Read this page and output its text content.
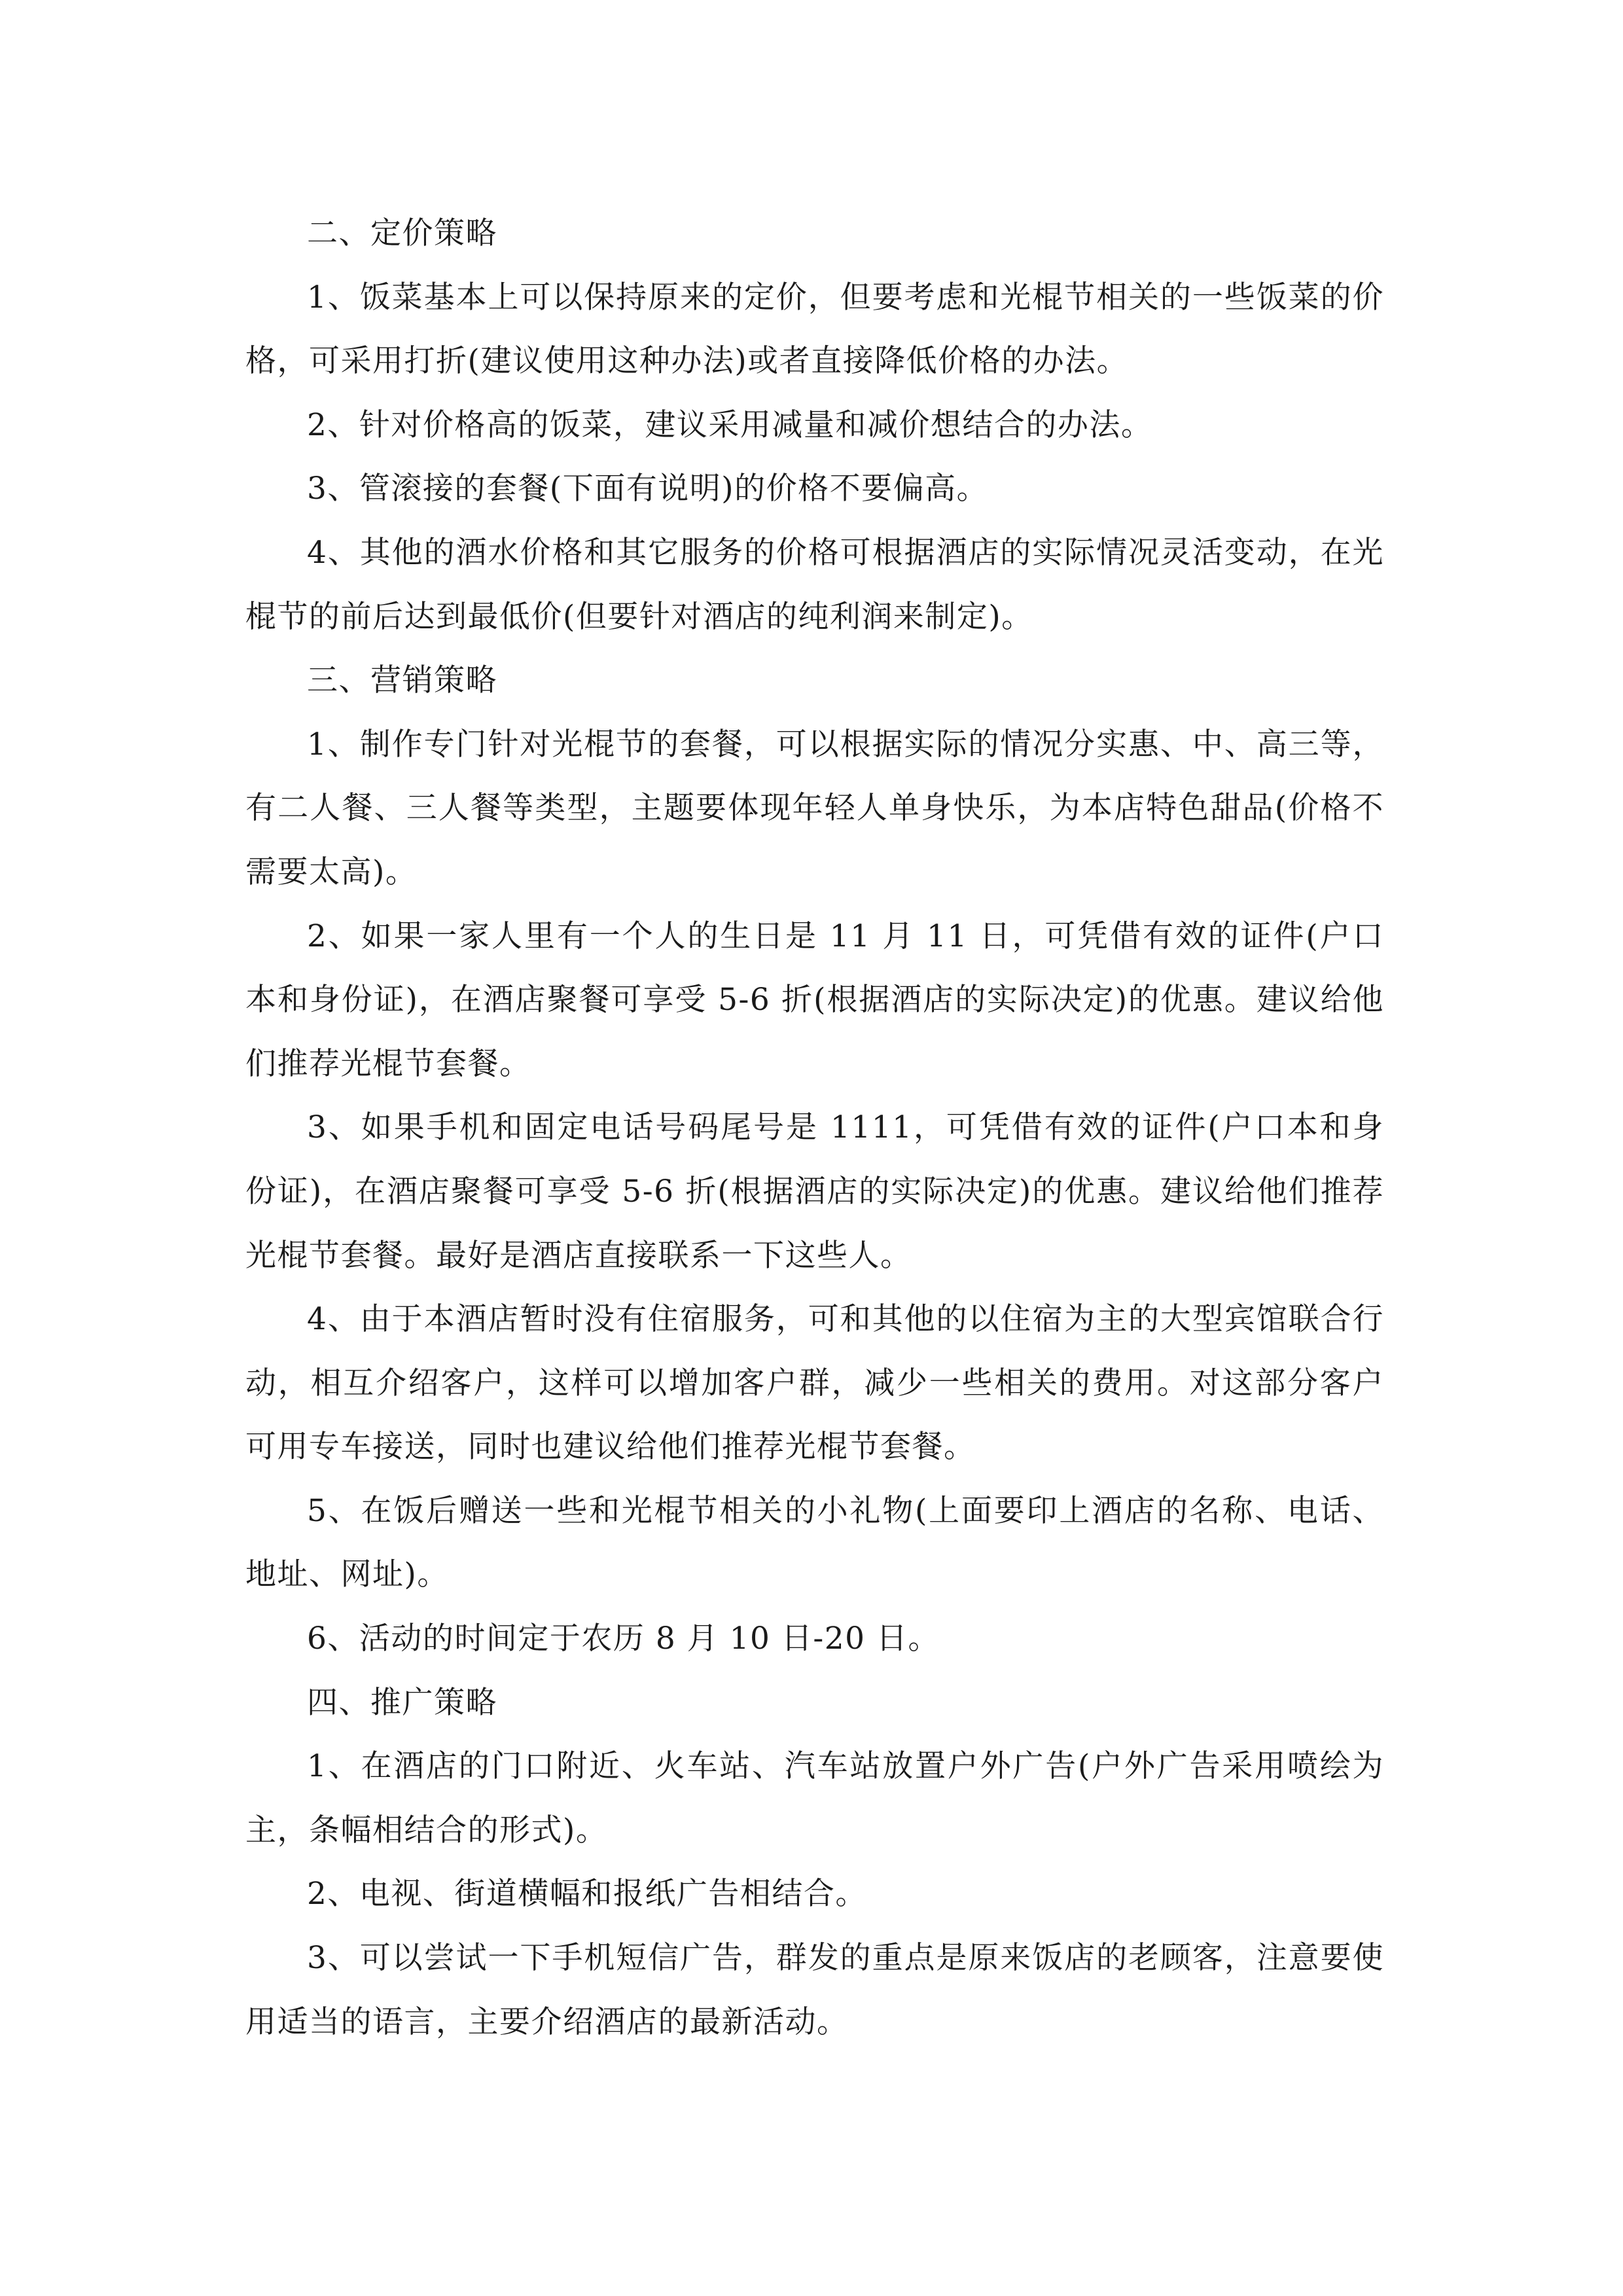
二、定价策略

1、饭菜基本上可以保持原来的定价，但要考虑和光棍节相关的一些饭菜的价格，可采用打折(建议使用这种办法)或者直接降低价格的办法。

2、针对价格高的饭菜，建议采用减量和减价想结合的办法。

3、管滚接的套餐(下面有说明)的价格不要偏高。

4、其他的酒水价格和其它服务的价格可根据酒店的实际情况灵活变动，在光棍节的前后达到最低价(但要针对酒店的纯利润来制定)。

三、营销策略

1、制作专门针对光棍节的套餐，可以根据实际的情况分实惠、中、高三等，有二人餐、三人餐等类型，主题要体现年轻人单身快乐，为本店特色甜品(价格不需要太高)。

2、如果一家人里有一个人的生日是 11 月 11 日，可凭借有效的证件(户口本和身份证)，在酒店聚餐可享受 5-6 折(根据酒店的实际决定)的优惠。建议给他们推荐光棍节套餐。

3、如果手机和固定电话号码尾号是 1111，可凭借有效的证件(户口本和身份证)，在酒店聚餐可享受 5-6 折(根据酒店的实际决定)的优惠。建议给他们推荐光棍节套餐。最好是酒店直接联系一下这些人。

4、由于本酒店暂时没有住宿服务，可和其他的以住宿为主的大型宾馆联合行动，相互介绍客户，这样可以增加客户群，减少一些相关的费用。对这部分客户可用专车接送，同时也建议给他们推荐光棍节套餐。

5、在饭后赠送一些和光棍节相关的小礼物(上面要印上酒店的名称、电话、地址、网址)。

6、活动的时间定于农历 8 月 10 日-20 日。

四、推广策略

1、在酒店的门口附近、火车站、汽车站放置户外广告(户外广告采用喷绘为主，条幅相结合的形式)。

2、电视、街道横幅和报纸广告相结合。

3、可以尝试一下手机短信广告，群发的重点是原来饭店的老顾客，注意要使用适当的语言，主要介绍酒店的最新活动。
